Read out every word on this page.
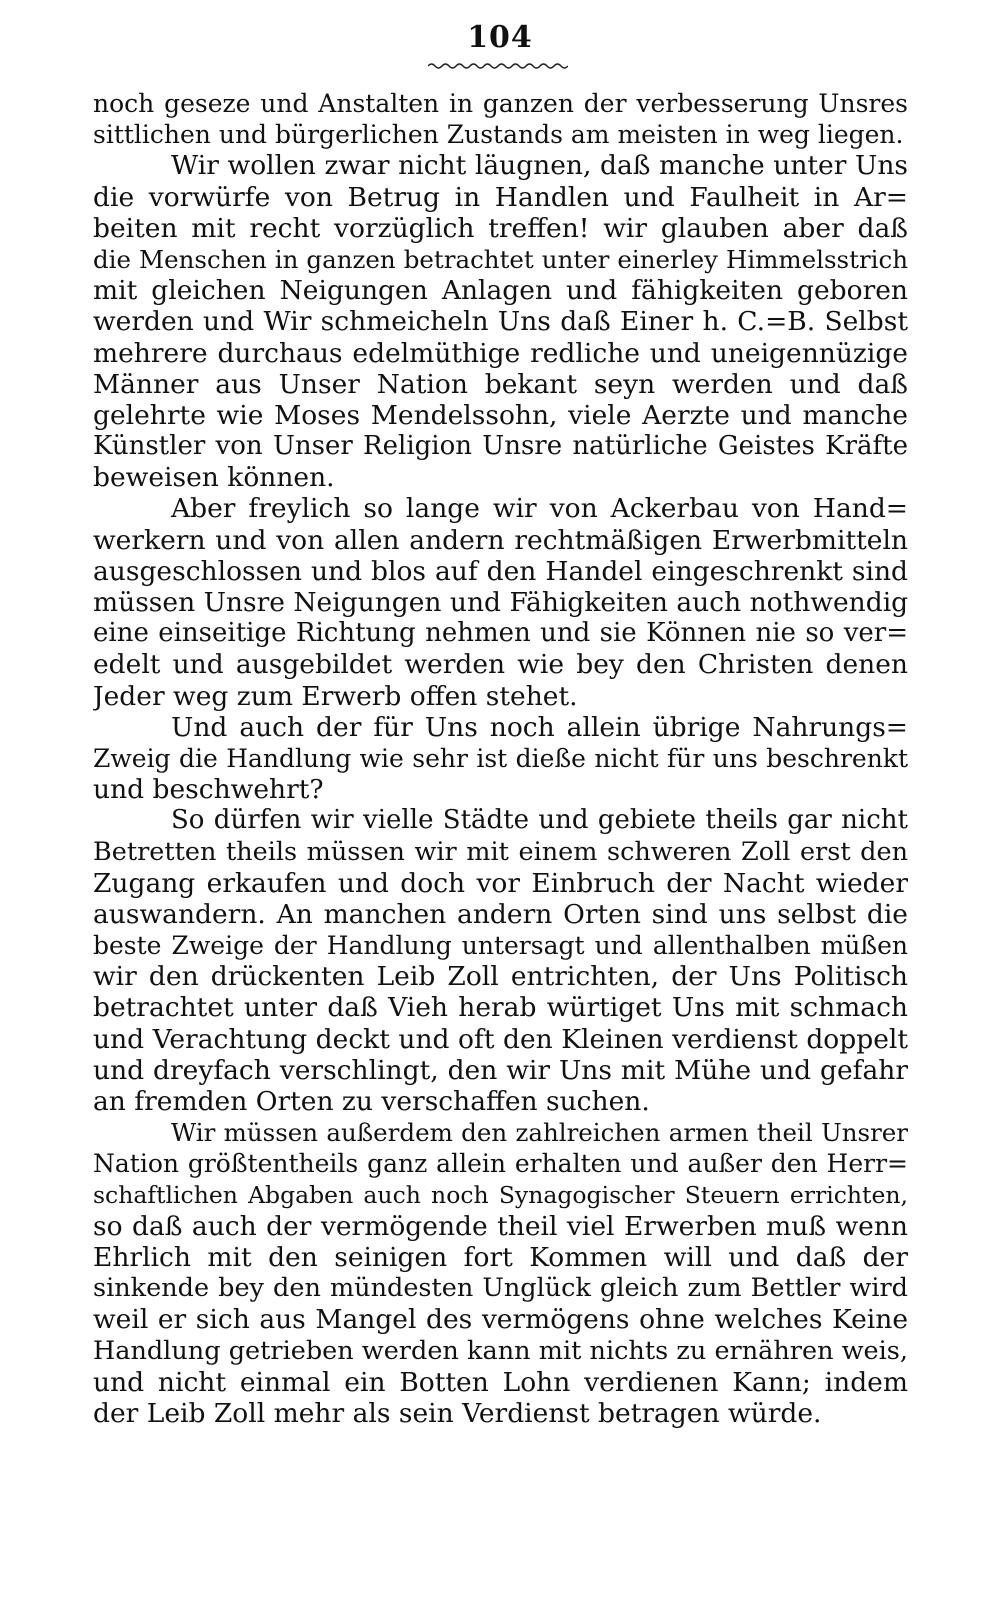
104
noch geseze und Anstalten in ganzen der verbesserung Unsres
sittlichen und bürgerlichen Zustands am meisten in weg liegen.
Wir wollen zwar nicht läugnen, daß manche unter Uns
die vorwürfe von Betrug in Handlen und Faulheit in Ar=
beiten mit recht vorzüglich treffen! wir glauben aber daß
die Menschen in ganzen betrachtet unter einerley Himmelsstrich
mit gleichen Neigungen Anlagen und fähigkeiten geboren
werden und Wir schmeicheln Uns daß Einer h. C.=B. Selbst
mehrere durchaus edelmüthige redliche und uneigennüzige
Männer aus Unser Nation bekant seyn werden und daß
gelehrte wie Moses Mendelssohn, viele Aerzte und manche
Künstler von Unser Religion Unsre natürliche Geistes Kräfte
beweisen können.
Aber freylich so lange wir von Ackerbau von Hand=
werkern und von allen andern rechtmäßigen Erwerbmitteln
ausgeschlossen und blos auf den Handel eingeschrenkt sind
müssen Unsre Neigungen und Fähigkeiten auch nothwendig
eine einseitige Richtung nehmen und sie Können nie so ver=
edelt und ausgebildet werden wie bey den Christen denen
Jeder weg zum Erwerb offen stehet.
Und auch der für Uns noch allein übrige Nahrungs=
Zweig die Handlung wie sehr ist dieße nicht für uns beschrenkt
und beschwehrt?
So dürfen wir vielle Städte und gebiete theils gar nicht
Betretten theils müssen wir mit einem schweren Zoll erst den
Zugang erkaufen und doch vor Einbruch der Nacht wieder
auswandern. An manchen andern Orten sind uns selbst die
beste Zweige der Handlung untersagt und allenthalben müßen
wir den drückenten Leib Zoll entrichten, der Uns Politisch
betrachtet unter daß Vieh herab würtiget Uns mit schmach
und Verachtung deckt und oft den Kleinen verdienst doppelt
und dreyfach verschlingt, den wir Uns mit Mühe und gefahr
an fremden Orten zu verschaffen suchen.
Wir müssen außerdem den zahlreichen armen theil Unsrer
Nation größtentheils ganz allein erhalten und außer den Herr=
schaftlichen Abgaben auch noch Synagogischer Steuern errichten,
so daß auch der vermögende theil viel Erwerben muß wenn
Ehrlich mit den seinigen fort Kommen will und daß der
sinkende bey den mündesten Unglück gleich zum Bettler wird
weil er sich aus Mangel des vermögens ohne welches Keine
Handlung getrieben werden kann mit nichts zu ernähren weis,
und nicht einmal ein Botten Lohn verdienen Kann; indem
der Leib Zoll mehr als sein Verdienst betragen würde.
